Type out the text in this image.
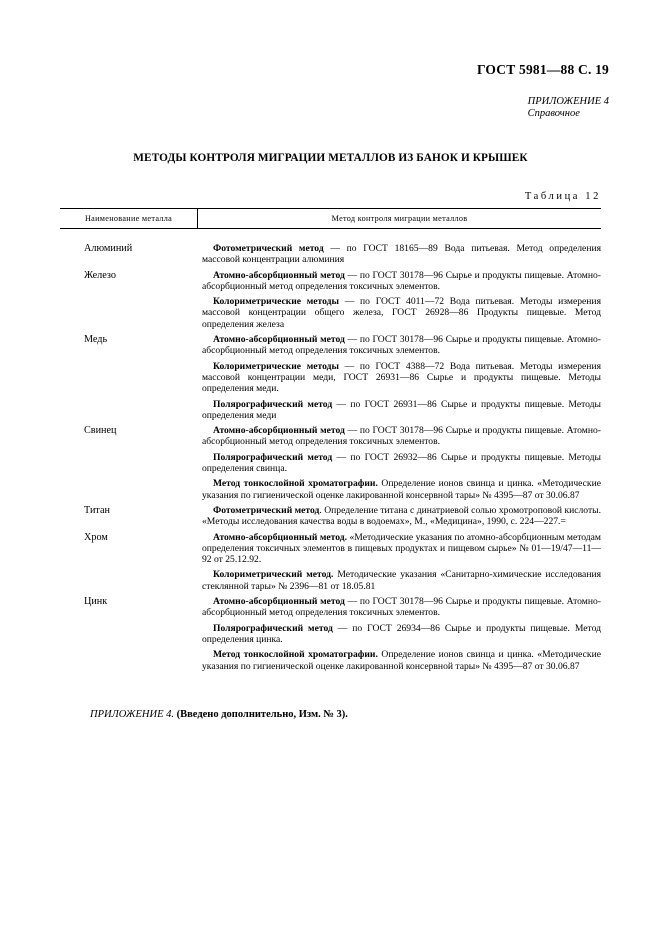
ГОСТ 5981—88 С. 19
ПРИЛОЖЕНИЕ 4
Справочное
МЕТОДЫ КОНТРОЛЯ МИГРАЦИИ МЕТАЛЛОВ ИЗ БАНОК И КРЫШЕК
Таблица 12
Наименование металла	Метод контроля миграции металлов
Алюминий	Фотометрический метод — по ГОСТ 18165—89 Вода питьевая. Метод определения массовой концентрации алюминия

Железо	Атомно-абсорбционный метод — по ГОСТ 30178—96 Сырье и продукты пищевые. Атомно-абсорбционный метод определения токсичных элементов.

Колориметрические методы — по ГОСТ 4011—72 Вода питьевая. Методы измерения массовой концентрации общего железа, ГОСТ 26928—86 Продукты пищевые. Метод определения железа

Медь	Атомно-абсорбционный метод — по ГОСТ 30178—96 Сырье и продукты пищевые. Атомно-абсорбционный метод определения токсичных элементов.

Колориметрические методы — по ГОСТ 4388—72 Вода питьевая. Методы измерения массовой концентрации меди, ГОСТ 26931—86 Сырье и продукты пищевые. Методы определения меди.

Полярографический метод — по ГОСТ 26931—86 Сырье и продукты пищевые. Методы определения меди

Свинец	Атомно-абсорбционный метод — по ГОСТ 30178—96 Сырье и продукты пищевые. Атомно-абсорбционный метод определения токсичных элементов.

Полярографический метод — по ГОСТ 26932—86 Сырье и продукты пищевые. Методы определения свинца.

Метод тонкослойной хроматографии. Определение ионов свинца и цинка. «Методические указания по гигиенической оценке лакированной консервной тары» № 4395—87 от 30.06.87

Титан	Фотометрический метод. Определение титана с динатриевой солью хромотроповой кислоты. «Методы исследования качества воды в водоемах», М., «Медицина», 1990, с. 224—227.=

Хром	Атомно-абсорбционный метод. «Методические указания по атомно-абсорбционным методам определения токсичных элементов в пищевых продуктах и пищевом сырье» № 01—19/47—11—92 от 25.12.92.

Колориметрический метод. Методические указания «Санитарно-химические исследования стеклянной тары» № 2396—81 от 18.05.81

Цинк	Атомно-абсорбционный метод — по ГОСТ 30178—96 Сырье и продукты пищевые. Атомно-абсорбционный метод определения токсичных элементов.

Полярографический метод — по ГОСТ 26934—86 Сырье и продукты пищевые. Метод определения цинка.

Метод тонкослойной хроматографии. Определение ионов свинца и цинка. «Методические указания по гигиенической оценке лакированной консервной тары» № 4395—87 от 30.06.87

ПРИЛОЖЕНИЕ 4. (Введено дополнительно, Изм. № 3).
